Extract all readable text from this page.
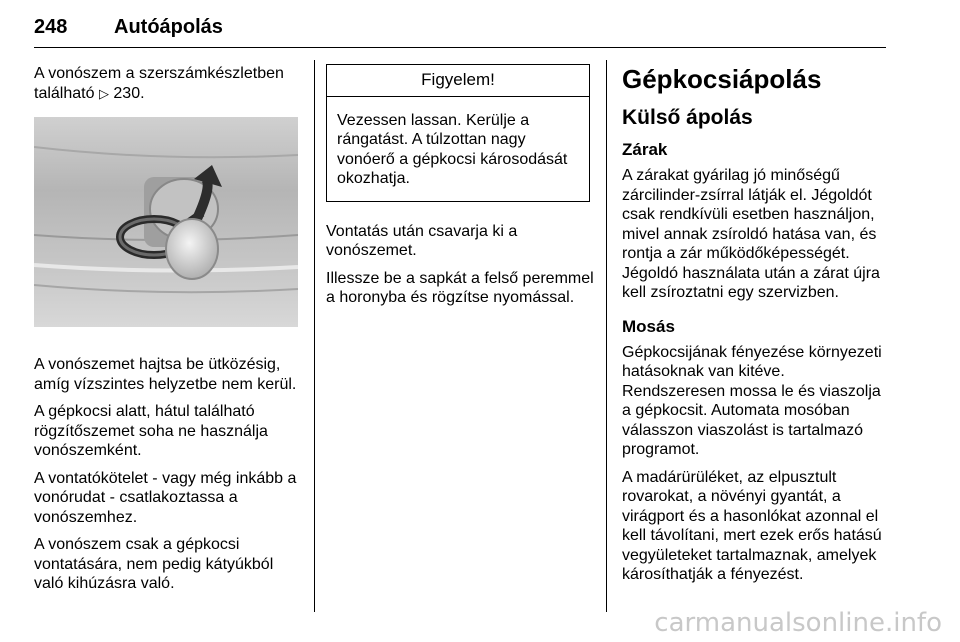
248 Autóápolás

A vonószem a szerszámkészletben
található ▷ 230.

A vonószemet hajtsa be ütközésig, amíg vízszintes helyzetbe nem kerül.

A gépkocsi alatt, hátul található rögzítőszemet soha ne használja vonószemként.

A vontatókötelet - vagy még inkább a vonórudat - csatlakoztassa a vonószemhez.

A vonószem csak a gépkocsi vontatására, nem pedig kátyúkból való kihúzásra való.

Figyelem!
Vezessen lassan. Kerülje a rángatást. A túlzottan nagy vonóerő a gépkocsi károsodását okozhatja.

Vontatás után csavarja ki a vonószemet.

Illessze be a sapkát a felső peremmel a horonyba és rögzítse nyomással.

Gépkocsiápolás
Külső ápolás
Zárak

A zárakat gyárilag jó minőségű zárcilinder-zsírral látják el. Jégoldót csak rendkívüli esetben használjon, mivel annak zsíroldó hatása van, és rontja a zár működőképességét. Jégoldó használata után a zárat újra kell zsíroztatni egy szervizben.

Mosás

Gépkocsijának fényezése környezeti hatásoknak van kitéve.

Rendszeresen mossa le és viaszolja a gépkocsit. Automata mosóban válasszon viaszolást is tartalmazó programot.

A madárürüléket, az elpusztult rovarokat, a növényi gyantát, a virágport és a hasonlókat azonnal el kell távolítani, mert ezek erős hatású vegyületeket tartalmaznak, amelyek károsíthatják a fényezést.

carmanualsonline.info
